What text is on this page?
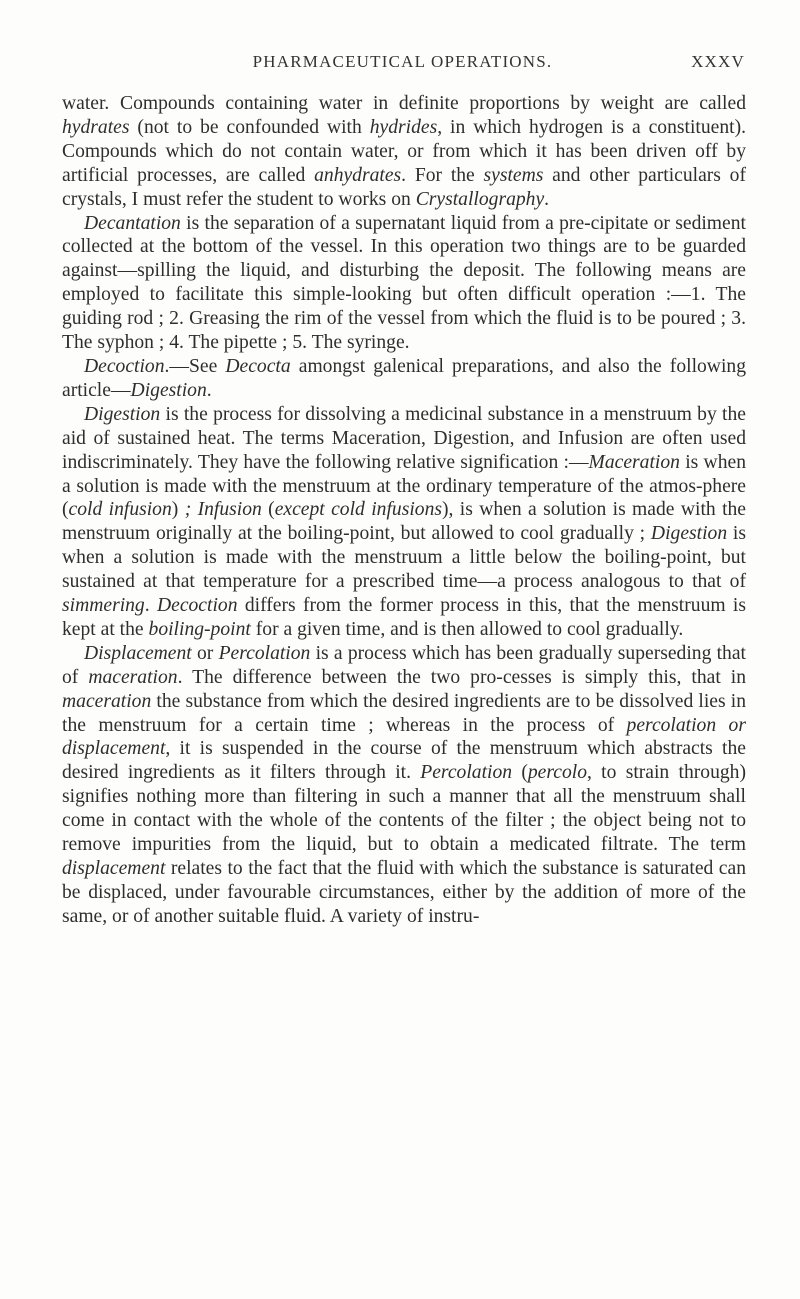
PHARMACEUTICAL OPERATIONS.	XXXV

water. Compounds containing water in definite proportions by weight are called hydrates (not to be confounded with hydrides, in which hydrogen is a constituent). Compounds which do not contain water, or from which it has been driven off by artificial processes, are called anhydrates. For the systems and other particulars of crystals, I must refer the student to works on Crystallography.

Decantation is the separation of a supernatant liquid from a pre-cipitate or sediment collected at the bottom of the vessel. In this operation two things are to be guarded against—spilling the liquid, and disturbing the deposit. The following means are employed to facilitate this simple-looking but often difficult operation :—1. The guiding rod ; 2. Greasing the rim of the vessel from which the fluid is to be poured ; 3. The syphon ; 4. The pipette ; 5. The syringe.

Decoction.—See Decocta amongst galenical preparations, and also the following article—Digestion.

Digestion is the process for dissolving a medicinal substance in a menstruum by the aid of sustained heat. The terms Maceration, Digestion, and Infusion are often used indiscriminately. They have the following relative signification :—Maceration is when a solution is made with the menstruum at the ordinary temperature of the atmos-phere (cold infusion) ; Infusion (except cold infusions), is when a solution is made with the menstruum originally at the boiling-point, but allowed to cool gradually ; Digestion is when a solution is made with the menstruum a little below the boiling-point, but sustained at that temperature for a prescribed time—a process analogous to that of simmering. Decoction differs from the former process in this, that the menstruum is kept at the boiling-point for a given time, and is then allowed to cool gradually.

Displacement or Percolation is a process which has been gradually superseding that of maceration. The difference between the two pro-cesses is simply this, that in maceration the substance from which the desired ingredients are to be dissolved lies in the menstruum for a certain time ; whereas in the process of percolation or displacement, it is suspended in the course of the menstruum which abstracts the desired ingredients as it filters through it. Percolation (percolo, to strain through) signifies nothing more than filtering in such a manner that all the menstruum shall come in contact with the whole of the contents of the filter ; the object being not to remove impurities from the liquid, but to obtain a medicated filtrate. The term displacement relates to the fact that the fluid with which the substance is saturated can be displaced, under favourable circumstances, either by the addition of more of the same, or of another suitable fluid. A variety of instru-
